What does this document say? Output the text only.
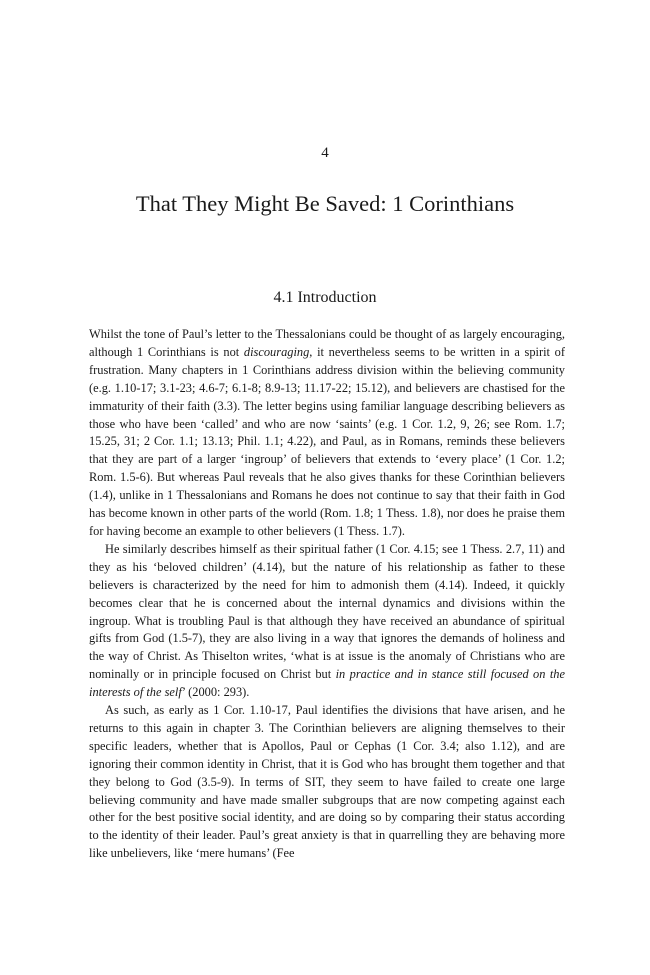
4
That They Might Be Saved: 1 Corinthians
4.1 Introduction

Whilst the tone of Paul’s letter to the Thessalonians could be thought of as largely encouraging, although 1 Corinthians is not discouraging, it nevertheless seems to be written in a spirit of frustration. Many chapters in 1 Corinthians address division within the believing community (e.g. 1.10-17; 3.1-23; 4.6-7; 6.1-8; 8.9-13; 11.17-22; 15.12), and believers are chastised for the immaturity of their faith (3.3). The letter begins using familiar language describing believers as those who have been ‘called’ and who are now ‘saints’ (e.g. 1 Cor. 1.2, 9, 26; see Rom. 1.7; 15.25, 31; 2 Cor. 1.1; 13.13; Phil. 1.1; 4.22), and Paul, as in Romans, reminds these believers that they are part of a larger ‘ingroup’ of believers that extends to ‘every place’ (1 Cor. 1.2; Rom. 1.5-6). But whereas Paul reveals that he also gives thanks for these Corinthian believers (1.4), unlike in 1 Thessalonians and Romans he does not continue to say that their faith in God has become known in other parts of the world (Rom. 1.8; 1 Thess. 1.8), nor does he praise them for having become an example to other believers (1 Thess. 1.7).

He similarly describes himself as their spiritual father (1 Cor. 4.15; see 1 Thess. 2.7, 11) and they as his ‘beloved children’ (4.14), but the nature of his relationship as father to these believers is characterized by the need for him to admonish them (4.14). Indeed, it quickly becomes clear that he is concerned about the internal dynamics and divisions within the ingroup. What is troubling Paul is that although they have received an abundance of spiritual gifts from God (1.5-7), they are also living in a way that ignores the demands of holiness and the way of Christ. As Thiselton writes, ‘what is at issue is the anomaly of Christians who are nominally or in principle focused on Christ but in practice and in stance still focused on the interests of the self’ (2000: 293).

As such, as early as 1 Cor. 1.10-17, Paul identifies the divisions that have arisen, and he returns to this again in chapter 3. The Corinthian believers are aligning themselves to their specific leaders, whether that is Apollos, Paul or Cephas (1 Cor. 3.4; also 1.12), and are ignoring their common identity in Christ, that it is God who has brought them together and that they belong to God (3.5-9). In terms of SIT, they seem to have failed to create one large believing community and have made smaller subgroups that are now competing against each other for the best positive social identity, and are doing so by comparing their status according to the identity of their leader. Paul’s great anxiety is that in quarrelling they are behaving more like unbelievers, like ‘mere humans’ (Fee
